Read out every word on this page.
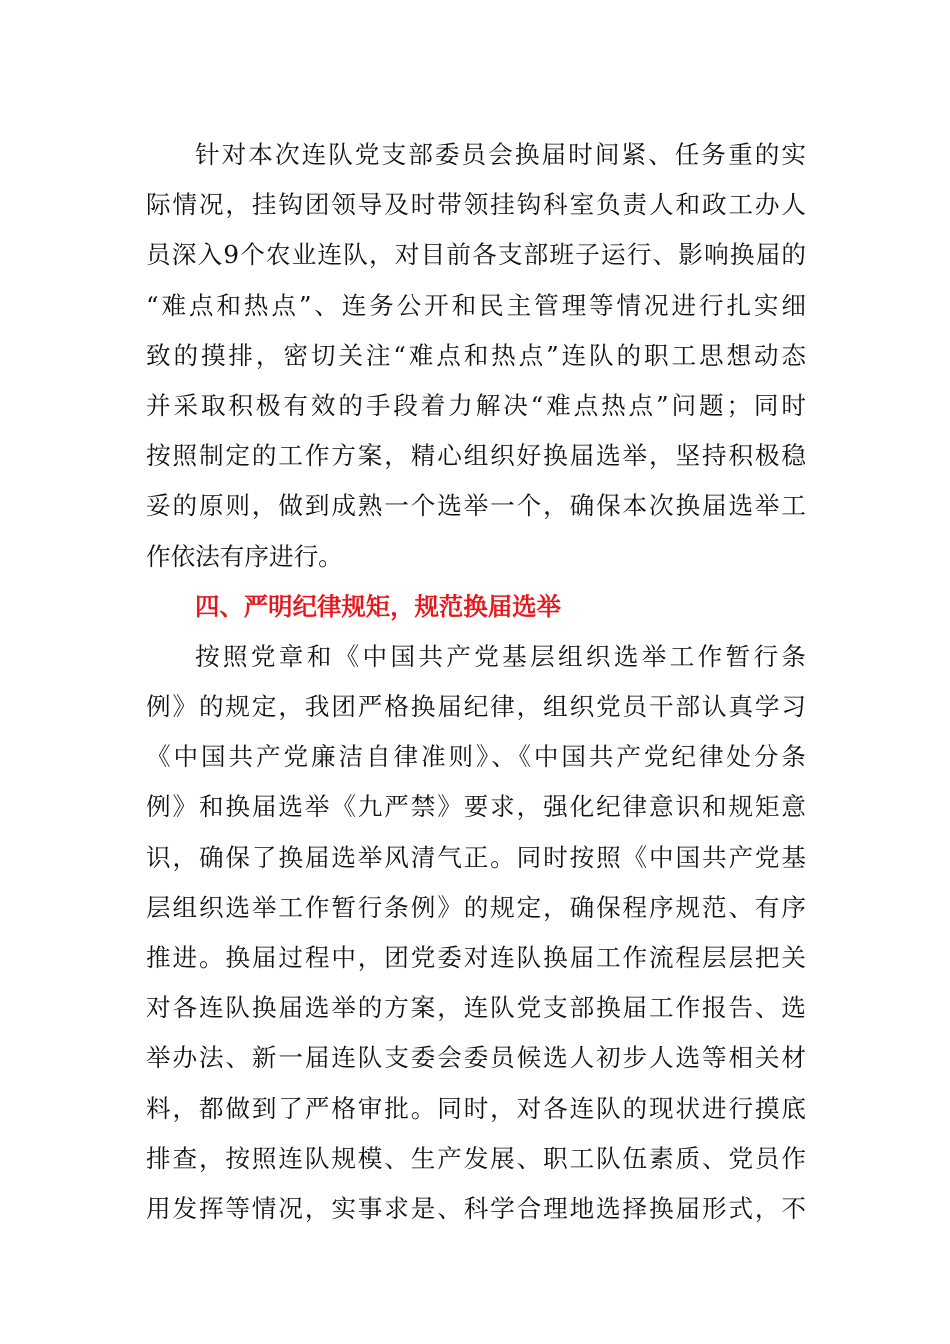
针对本次连队党支部委员会换届时间紧、任务重的实
际情况，挂钩团领导及时带领挂钩科室负责人和政工办人
员深入9个农业连队，对目前各支部班子运行、影响换届的
“难点和热点”、连务公开和民主管理等情况进行扎实细
致的摸排，密切关注“难点和热点”连队的职工思想动态
并采取积极有效的手段着力解决“难点热点”问题；同时
按照制定的工作方案，精心组织好换届选举，坚持积极稳
妥的原则，做到成熟一个选举一个，确保本次换届选举工
作依法有序进行。
四、严明纪律规矩，规范换届选举
按照党章和《中国共产党基层组织选举工作暂行条
例》的规定，我团严格换届纪律，组织党员干部认真学习
《中国共产党廉洁自律准则》、《中国共产党纪律处分条
例》和换届选举《九严禁》要求，强化纪律意识和规矩意
识，确保了换届选举风清气正。同时按照《中国共产党基
层组织选举工作暂行条例》的规定，确保程序规范、有序
推进。换届过程中，团党委对连队换届工作流程层层把关
对各连队换届选举的方案，连队党支部换届工作报告、选
举办法、新一届连队支委会委员候选人初步人选等相关材
料，都做到了严格审批。同时，对各连队的现状进行摸底
排查，按照连队规模、生产发展、职工队伍素质、党员作
用发挥等情况，实事求是、科学合理地选择换届形式，不
